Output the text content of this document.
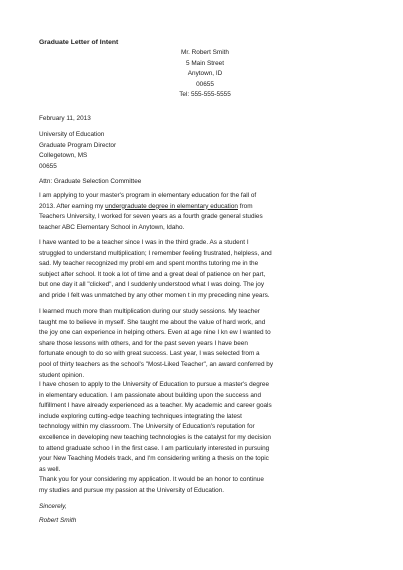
Graduate Letter of Intent
Mr. Robert Smith
5 Main Street
Anytown, ID
00655
Tel: 555-555-5555
February 11, 2013
University of Education
Graduate Program Director
Collegetown, MS
00655
Attn: Graduate Selection Committee
I am applying to your master's program in elementary education for the fall of
2013. After earning my undergraduate degree in elementary education from
Teachers University, I worked for seven years as a fourth grade general studies
teacher ABC Elementary School in Anytown, Idaho.
I have wanted to be a teacher since I was in the third grade. As a student I
struggled to understand multiplication; I remember feeling frustrated, helpless, and
sad. My teacher recognized my probl em and spent months tutoring me in the
subject after school. It took a lot of time and a great deal of patience on her part,
but one day it all "clicked", and I suddenly understood what I was doing. The joy
and pride I felt was unmatched by any other momen t in my preceding nine years.
I learned much more than multiplication during our study sessions. My teacher
taught me to believe in myself. She taught me about the value of hard work, and
the joy one can experience in helping others. Even at age nine I kn ew I wanted to
share those lessons with others, and for the past seven years I have been
fortunate enough to do so with great success. Last year, I was selected from a
pool of thirty teachers as the school's "Most-Liked Teacher", an award conferred by
student opinion.
I have chosen to apply to the University of Education to pursue a master's degree
in elementary education. I am passionate about building upon the success and
fulfillment I have already experienced as a teacher. My academic and career goals
include exploring cutting-edge teaching techniques integrating the latest
technology within my classroom. The University of Education's reputation for
excellence in developing new teaching technologies is the catalyst for my decision
to attend graduate schoo l in the first case. I am particularly interested in pursuing
your New Teaching Models track, and I'm considering writing a thesis on the topic
as well.
Thank you for your considering my application. It would be an honor to continue
my studies and pursue my passion at the University of Education.
Sincerely,
Robert Smith
